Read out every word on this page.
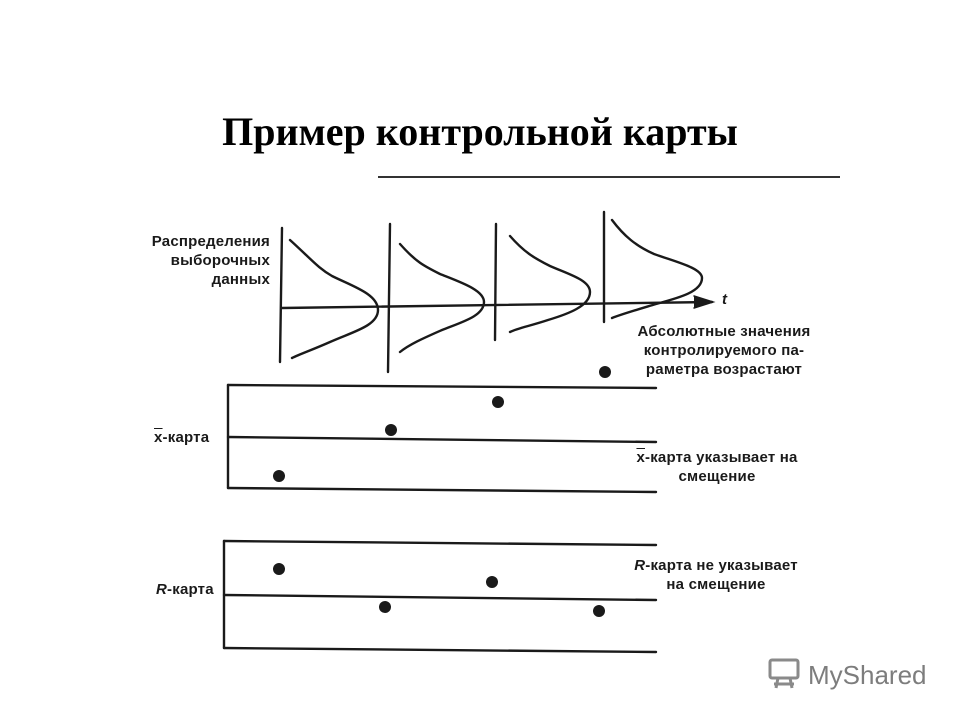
Пример контрольной карты
Распределения
выборочных
данных
t
Абсолютные значения
контролируемого па-
раметра возрастают
$\overline{x}$-карта
$\overline{x}$-карта указывает на
смещение
R-карта
R-карта не указывает
на смещение
MyShared
